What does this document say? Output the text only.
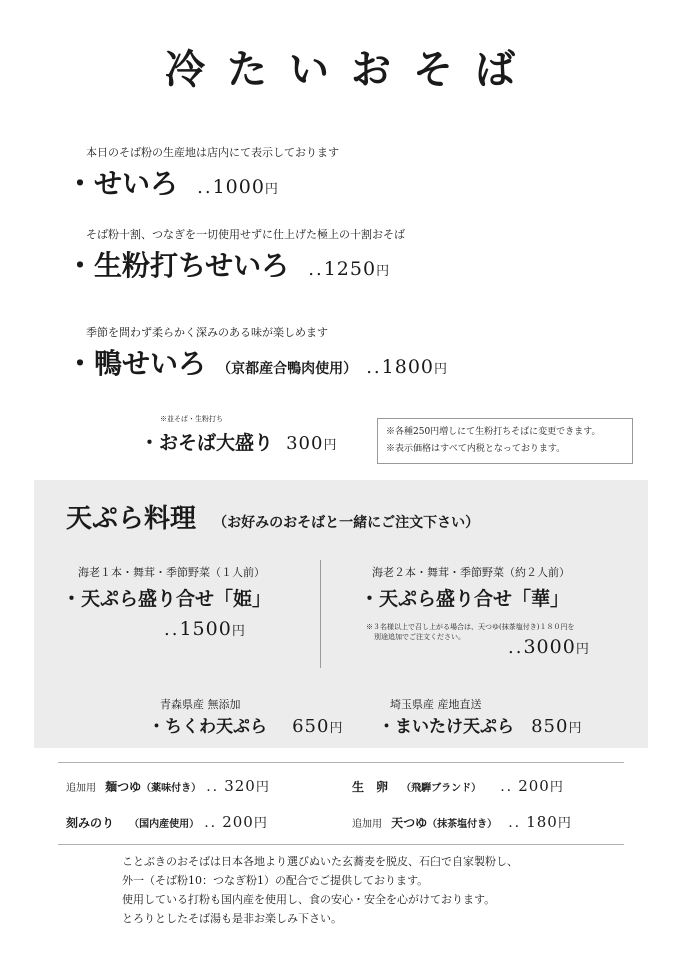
冷たいおそば
本日のそば粉の生産地は店内にて表示しております
・せいろ ..1000円
そば粉十割、つなぎを一切使用せずに仕上げた極上の十割おそば
・生粉打ちせいろ ..1250円
季節を問わず柔らかく深みのある味が楽しめます
・鴨せいろ （京都産合鴨肉使用） ..1800円
※並そば・生粉打ち
・おそば大盛り 300円
※各種250円増しにて生粉打ちそばに変更できます。
※表示価格はすべて内税となっております。
天ぷら料理 （お好みのおそばと一緒にご注文下さい）
海老１本・舞茸・季節野菜（１人前）
・天ぷら盛り合せ「姫」
..1500円
海老２本・舞茸・季節野菜（約２人前）
・天ぷら盛り合せ「華」
※３名様以上で召し上がる場合は、天つゆ(抹茶塩付き)１８０円を
別途追加でご注文ください。	..3000円
青森県産 無添加
・ちくわ天ぷら 650円
埼玉県産 産地直送
・まいたけ天ぷら 850円
追加用 麺つゆ（薬味付き） .. 320円	生　卵 （飛騨ブランド） .. 200円
刻みのり （国内産使用） .. 200円	追加用 天つゆ（抹茶塩付き） .. 180円
ことぶきのおそばは日本各地より選びぬいた玄蕎麦を脱皮、石臼で自家製粉し、
外一（そば粉10：つなぎ粉1）の配合でご提供しております。
使用している打粉も国内産を使用し、食の安心・安全を心がけております。
とろりとしたそば湯も是非お楽しみ下さい。
